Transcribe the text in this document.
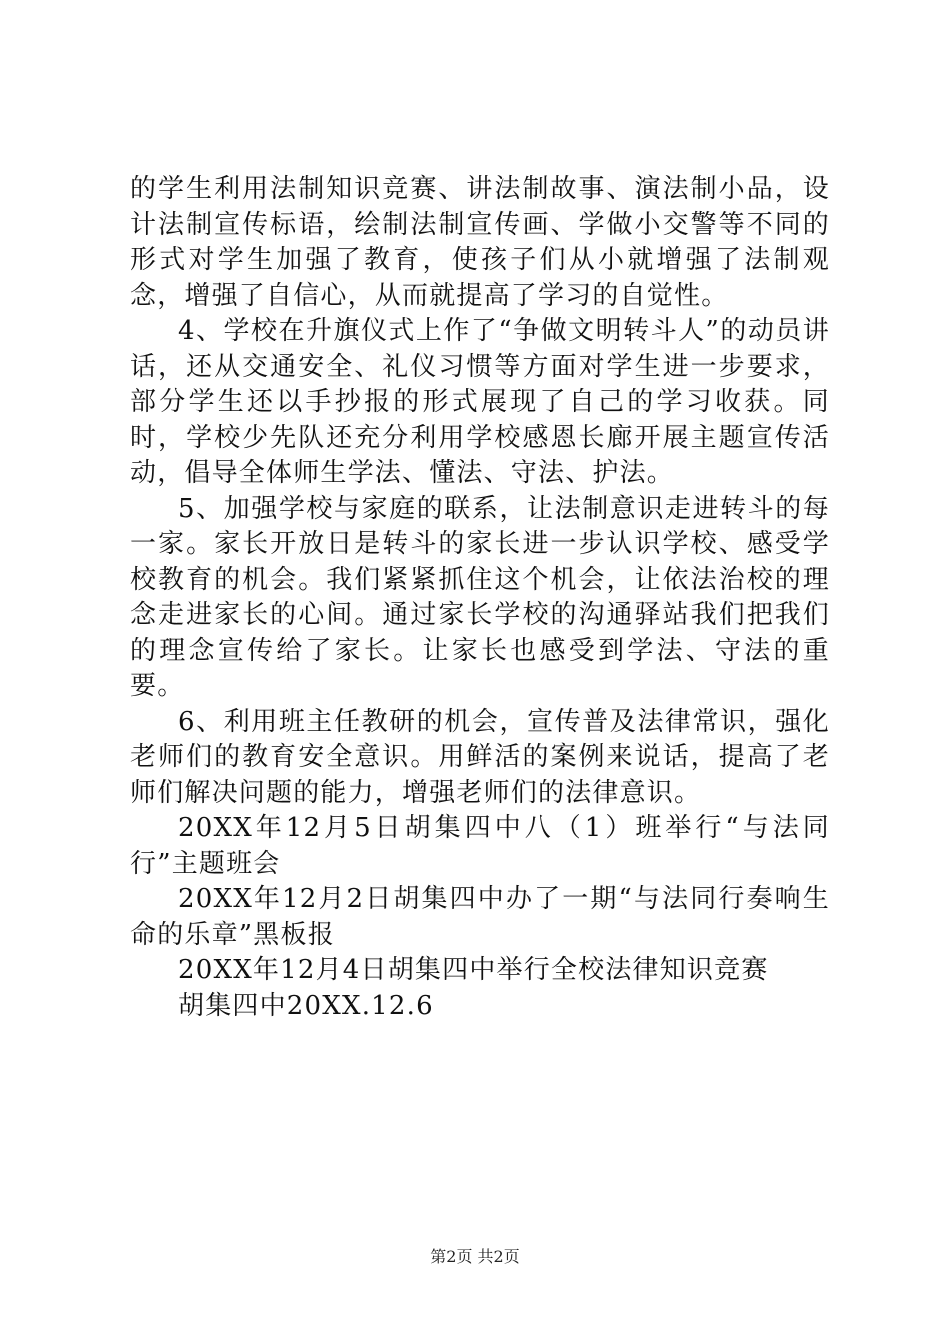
的学生利用法制知识竞赛、讲法制故事、演法制小品，设计法制宣传标语，绘制法制宣传画、学做小交警等不同的形式对学生加强了教育，使孩子们从小就增强了法制观念，增强了自信心，从而就提高了学习的自觉性。

4、学校在升旗仪式上作了“争做文明转斗人”的动员讲话，还从交通安全、礼仪习惯等方面对学生进一步要求，部分学生还以手抄报的形式展现了自己的学习收获。同时，学校少先队还充分利用学校感恩长廊开展主题宣传活动，倡导全体师生学法、懂法、守法、护法。

5、加强学校与家庭的联系，让法制意识走进转斗的每一家。家长开放日是转斗的家长进一步认识学校、感受学校教育的机会。我们紧紧抓住这个机会，让依法治校的理念走进家长的心间。通过家长学校的沟通驿站我们把我们的理念宣传给了家长。让家长也感受到学法、守法的重要。

6、利用班主任教研的机会，宣传普及法律常识，强化老师们的教育安全意识。用鲜活的案例来说话，提高了老师们解决问题的能力，增强老师们的法律意识。

20XX年12月5日胡集四中八（1）班举行“与法同行”主题班会

20XX年12月2日胡集四中办了一期“与法同行奏响生命的乐章”黑板报

20XX年12月4日胡集四中举行全校法律知识竞赛

胡集四中20XX.12.6

第2页 共2页
